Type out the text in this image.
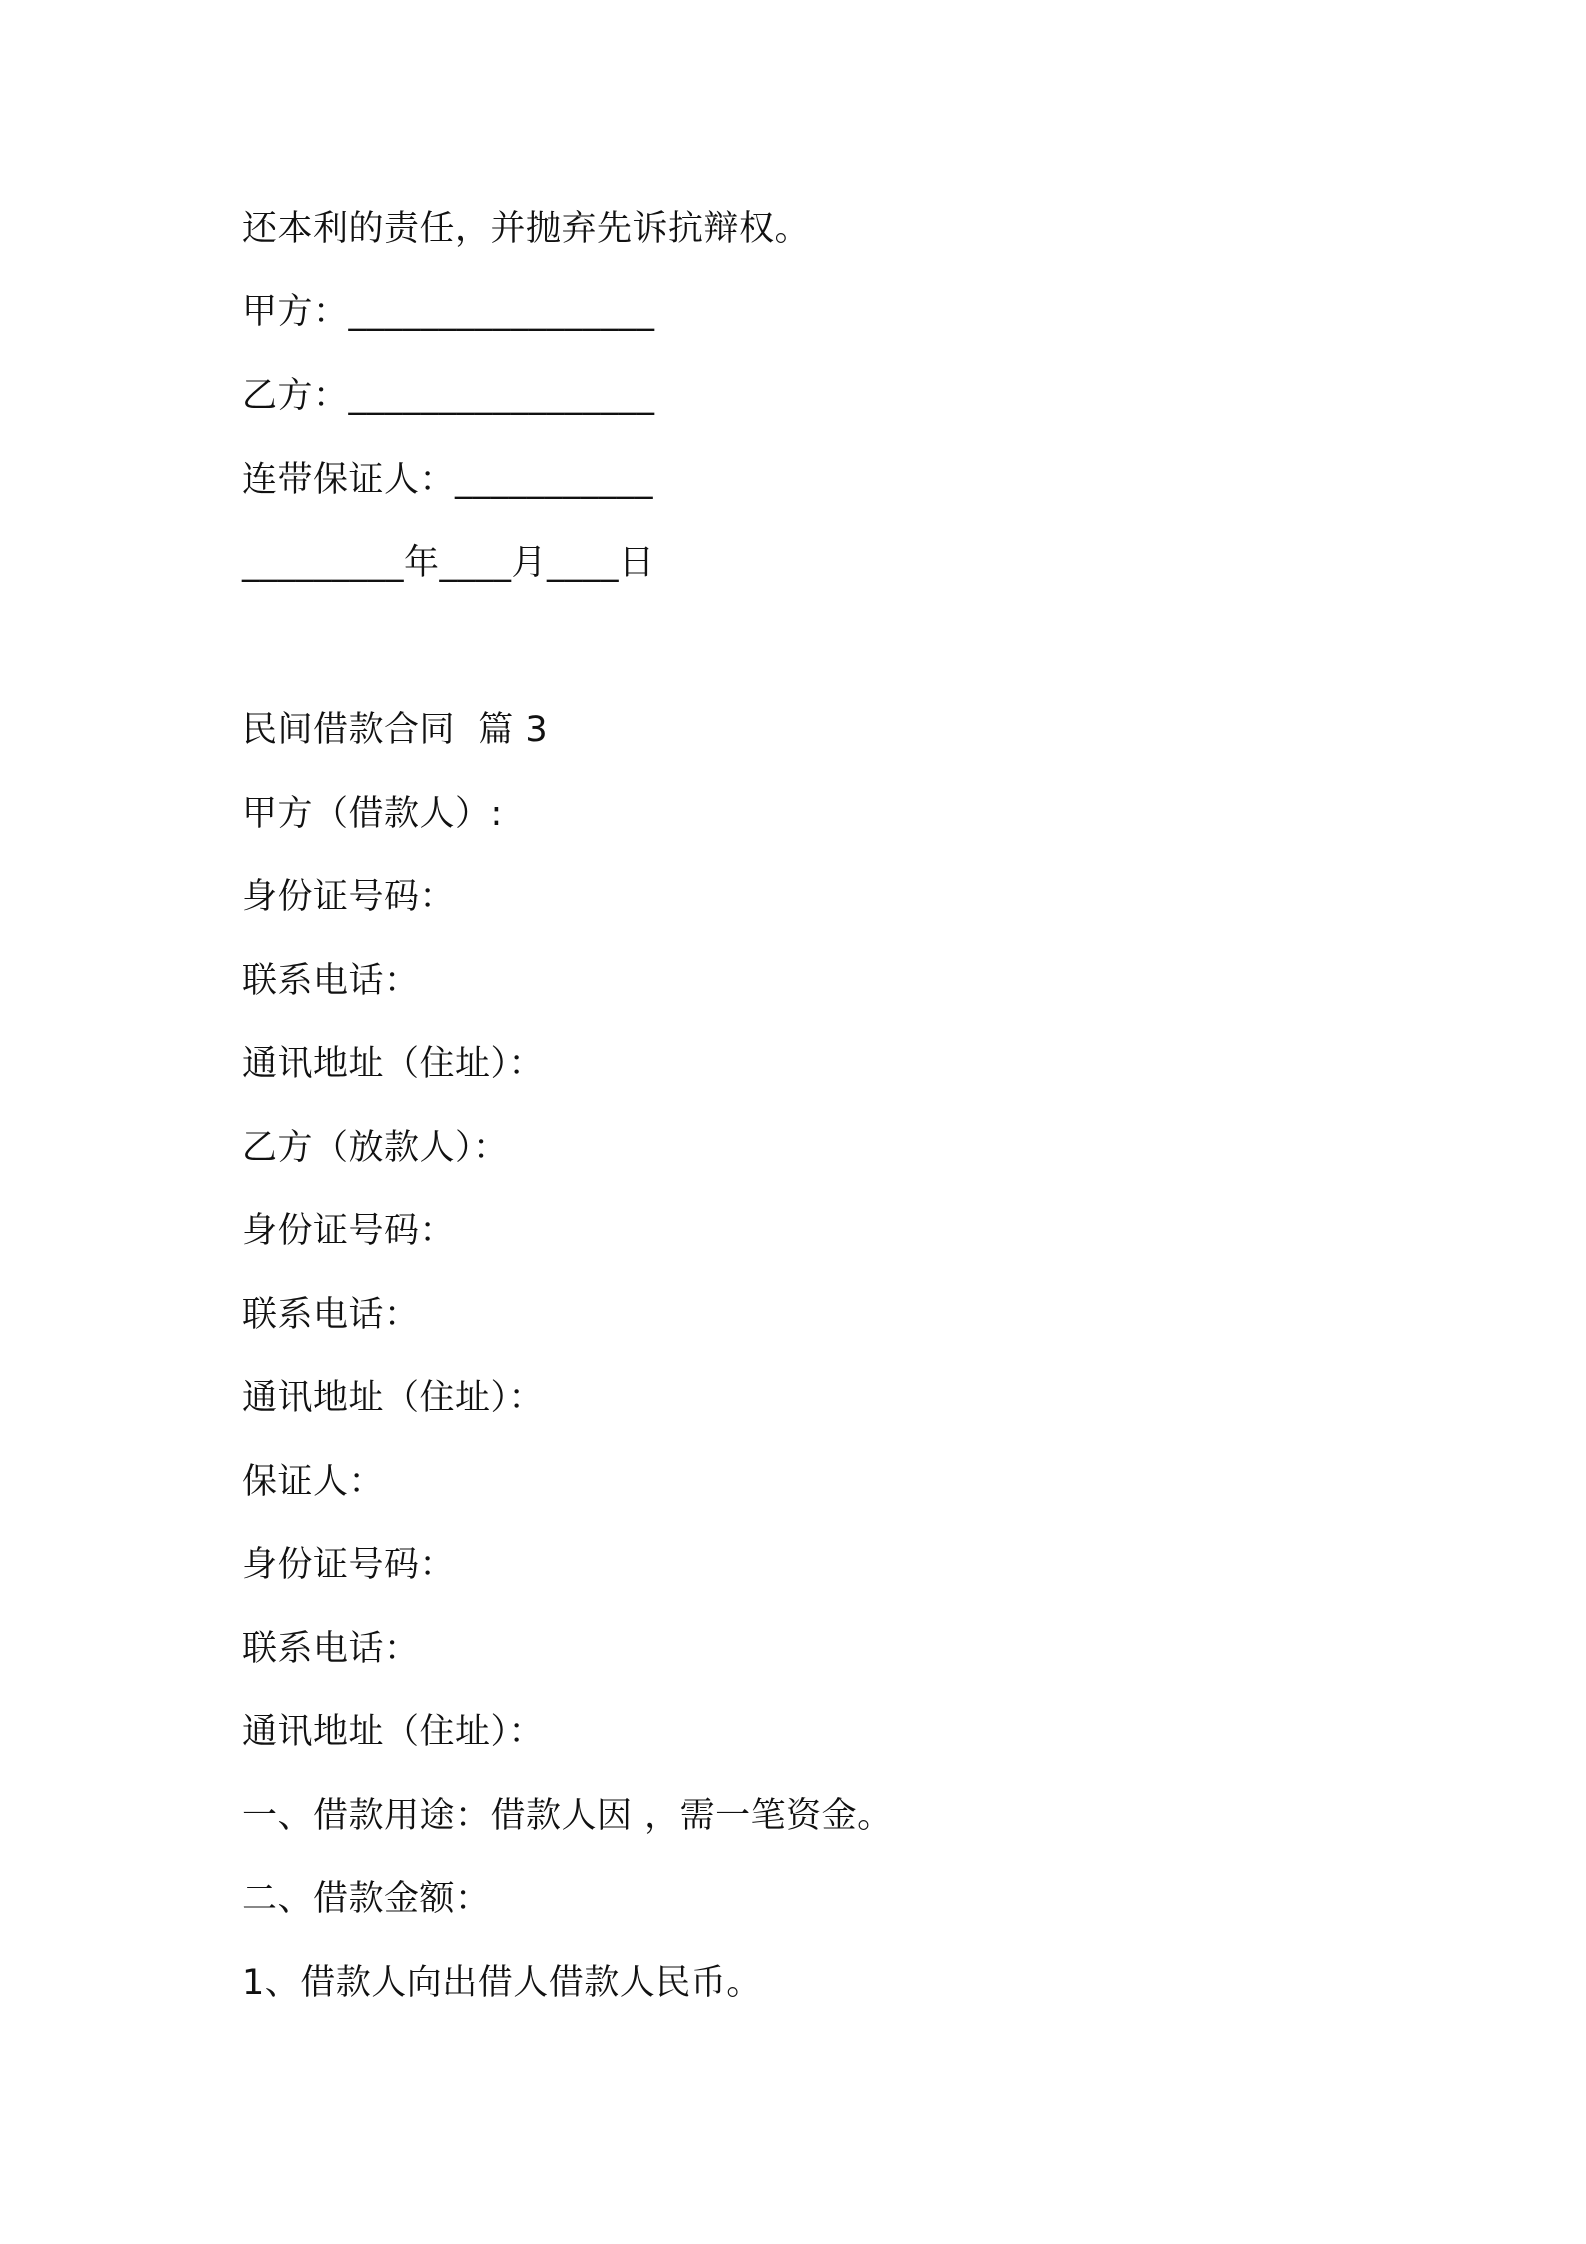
还本利的责任，并抛弃先诉抗辩权。
甲方：_________________
乙方：_________________
连带保证人：___________
_________年____月____日
民间借款合同  篇 3
甲方（借款人）:
身份证号码：
联系电话：
通讯地址（住址）：
乙方（放款人）：
身份证号码：
联系电话：
通讯地址（住址）：
保证人：
身份证号码：
联系电话：
通讯地址（住址）：
一、借款用途：借款人因 ，需一笔资金。
二、借款金额：
1、借款人向出借人借款人民币。
